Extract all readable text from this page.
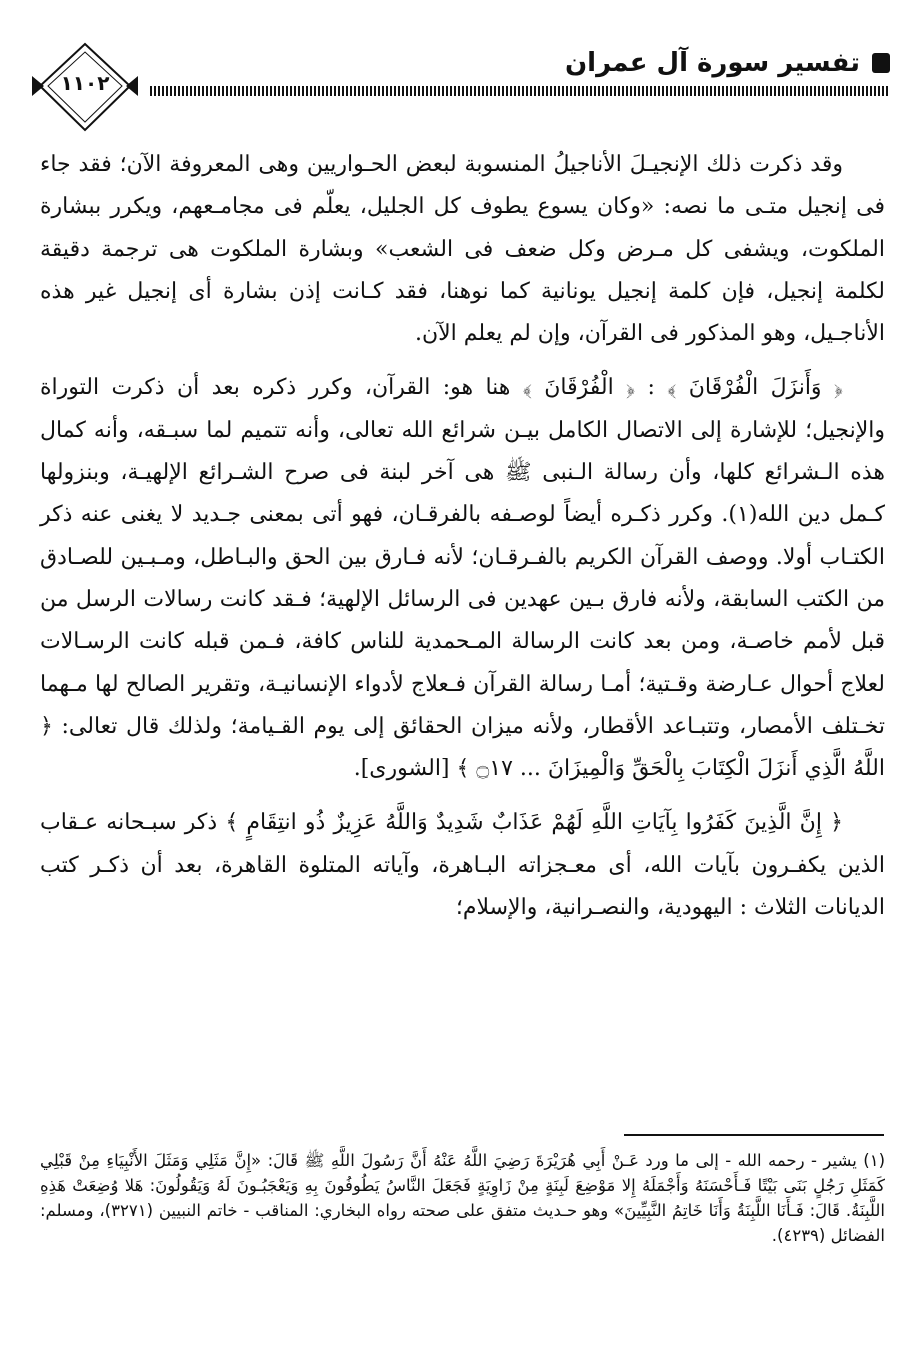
١١٠٢
تفسير سورة آل عمران

وقد ذكرت ذلك الإنجيـلَ الأناجيلُ المنسوبة لبعض الحـواريين وهى المعروفة الآن؛ فقد جاء فى إنجيل متـى ما نصه: «وكان يسوع يطوف كل الجليل، يعلّم فى مجامـعهم، ويكرر ببشارة الملكوت، ويشفى كل مـرض وكل ضعف فى الشعب» وبشارة الملكوت هى ترجمة دقيقة لكلمة إنجيل، فإن كلمة إنجيل يونانية كما نوهنا، فقد كـانت إذن بشارة أى إنجيل غير هذه الأناجـيل، وهو المذكور فى القرآن، وإن لم يعلم الآن.

﴿ وَأَنزَلَ الْفُرْقَانَ ﴾ : ﴿ الْفُرْقَانَ ﴾ هنا هو: القرآن، وكرر ذكره بعد أن ذكرت التوراة والإنجيل؛ للإشارة إلى الاتصال الكامل بيـن شرائع الله تعالى، وأنه تتميم لما سبـقه، وأنه كمال هذه الـشرائع كلها، وأن رسالة الـنبى ﷺ هى آخر لبنة فى صرح الشـرائع الإلهيـة، وبنزولها كـمل دين الله(١). وكرر ذكـره أيضاً لوصـفه بالفرقـان، فهو أتى بمعنى جـديد لا يغنى عنه ذكر الكتـاب أولا. ووصف القرآن الكريم بالفـرقـان؛ لأنه فـارق بين الحق والبـاطل، ومـبـين للصـادق من الكتب السابقة، ولأنه فارق بـين عهدين فى الرسائل الإلهية؛ فـقد كانت رسالات الرسل من قبل لأمم خاصـة، ومن بعد كانت الرسالة المـحمدية للناس كافة، فـمن قبله كانت الرسـالات لعلاج أحوال عـارضة وقـتية؛ أمـا رسالة القرآن فـعلاج لأدواء الإنسانيـة، وتقرير الصالح لها مـهما تخـتلف الأمصار، وتتبـاعد الأقطار، ولأنه ميزان الحقائق إلى يوم القـيامة؛ ولذلك قال تعالى: ﴿ اللَّهُ الَّذِي أَنزَلَ الْكِتَابَ بِالْحَقِّ وَالْمِيزَانَ ... ۝١٧ ﴾ [الشورى].

﴿ إِنَّ الَّذِينَ كَفَرُوا بِآيَاتِ اللَّهِ لَهُمْ عَذَابٌ شَدِيدٌ وَاللَّهُ عَزِيزٌ ذُو انتِقَامٍ ﴾ ذكر سبـحانه عـقاب الذين يكفـرون بآيات الله، أى معـجزاته البـاهرة، وآياته المتلوة القاهرة، بعد أن ذكـر كتب الديانات الثلاث : اليهودية، والنصـرانية، والإسلام؛

(١) يشير - رحمه الله - إلى ما ورد عَـنْ أَبِي هُرَيْرَةَ رَضِيَ اللَّهُ عَنْهُ أَنَّ رَسُولَ اللَّهِ ﷺ قَالَ: «إِنَّ مَثَلِي وَمَثَلَ الأَنْبِيَاءِ مِنْ قَبْلِي كَمَثَلِ رَجُلٍ بَنَى بَيْتًا فَـأَحْسَنَهُ وَأَجْمَلَهُ إِلا مَوْضِعَ لَبِنَةٍ مِنْ زَاوِيَةٍ فَجَعَلَ النَّاسُ يَطُوفُونَ بِهِ وَيَعْجَبُـونَ لَهُ وَيَقُولُونَ: هَلا وُضِعَتْ هَذِهِ اللَّبِنَةُ. قَالَ: فَـأَنَا اللَّبِنَةُ وَأَنَا خَاتِمُ النَّبِيِّينَ» وهو حـديث متفق على صحته رواه البخاري: المناقب - خاتم النبيين (٣٢٧١)، ومسلم: الفضائل (٤٢٣٩).
